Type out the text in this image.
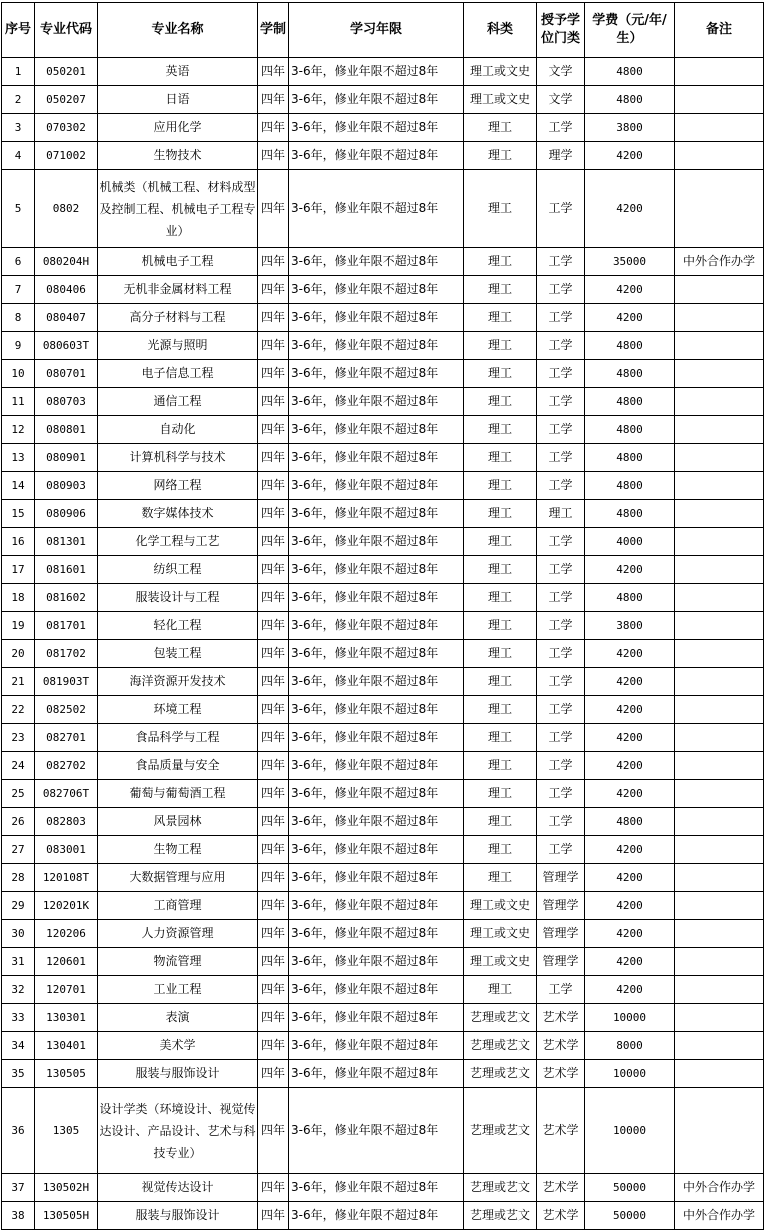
序号	专业代码	专业名称	学制	学习年限	科类	授予学位门类	学费（元/年/生）	备注
1	050201	英语	四年	3-6年，修业年限不超过8年	理工或文史	文学	4800	
2	050207	日语	四年	3-6年，修业年限不超过8年	理工或文史	文学	4800	
3	070302	应用化学	四年	3-6年，修业年限不超过8年	理工	工学	3800	
4	071002	生物技术	四年	3-6年，修业年限不超过8年	理工	理学	4200	
5	0802	机械类（机械工程、材料成型及控制工程、机械电子工程专业）	四年	3-6年，修业年限不超过8年	理工	工学	4200	
6	080204H	机械电子工程	四年	3-6年，修业年限不超过8年	理工	工学	35000	中外合作办学
7	080406	无机非金属材料工程	四年	3-6年，修业年限不超过8年	理工	工学	4200	
8	080407	高分子材料与工程	四年	3-6年，修业年限不超过8年	理工	工学	4200	
9	080603T	光源与照明	四年	3-6年，修业年限不超过8年	理工	工学	4800	
10	080701	电子信息工程	四年	3-6年，修业年限不超过8年	理工	工学	4800	
11	080703	通信工程	四年	3-6年，修业年限不超过8年	理工	工学	4800	
12	080801	自动化	四年	3-6年，修业年限不超过8年	理工	工学	4800	
13	080901	计算机科学与技术	四年	3-6年，修业年限不超过8年	理工	工学	4800	
14	080903	网络工程	四年	3-6年，修业年限不超过8年	理工	工学	4800	
15	080906	数字媒体技术	四年	3-6年，修业年限不超过8年	理工	理工	4800	
16	081301	化学工程与工艺	四年	3-6年，修业年限不超过8年	理工	工学	4000	
17	081601	纺织工程	四年	3-6年，修业年限不超过8年	理工	工学	4200	
18	081602	服装设计与工程	四年	3-6年，修业年限不超过8年	理工	工学	4800	
19	081701	轻化工程	四年	3-6年，修业年限不超过8年	理工	工学	3800	
20	081702	包装工程	四年	3-6年，修业年限不超过8年	理工	工学	4200	
21	081903T	海洋资源开发技术	四年	3-6年，修业年限不超过8年	理工	工学	4200	
22	082502	环境工程	四年	3-6年，修业年限不超过8年	理工	工学	4200	
23	082701	食品科学与工程	四年	3-6年，修业年限不超过8年	理工	工学	4200	
24	082702	食品质量与安全	四年	3-6年，修业年限不超过8年	理工	工学	4200	
25	082706T	葡萄与葡萄酒工程	四年	3-6年，修业年限不超过8年	理工	工学	4200	
26	082803	风景园林	四年	3-6年，修业年限不超过8年	理工	工学	4800	
27	083001	生物工程	四年	3-6年，修业年限不超过8年	理工	工学	4200	
28	120108T	大数据管理与应用	四年	3-6年，修业年限不超过8年	理工	管理学	4200	
29	120201K	工商管理	四年	3-6年，修业年限不超过8年	理工或文史	管理学	4200	
30	120206	人力资源管理	四年	3-6年，修业年限不超过8年	理工或文史	管理学	4200	
31	120601	物流管理	四年	3-6年，修业年限不超过8年	理工或文史	管理学	4200	
32	120701	工业工程	四年	3-6年，修业年限不超过8年	理工	工学	4200	
33	130301	表演	四年	3-6年，修业年限不超过8年	艺理或艺文	艺术学	10000	
34	130401	美术学	四年	3-6年，修业年限不超过8年	艺理或艺文	艺术学	8000	
35	130505	服装与服饰设计	四年	3-6年，修业年限不超过8年	艺理或艺文	艺术学	10000	
36	1305	设计学类（环境设计、视觉传达设计、产品设计、艺术与科技专业）	四年	3-6年，修业年限不超过8年	艺理或艺文	艺术学	10000	
37	130502H	视觉传达设计	四年	3-6年，修业年限不超过8年	艺理或艺文	艺术学	50000	中外合作办学
38	130505H	服装与服饰设计	四年	3-6年，修业年限不超过8年	艺理或艺文	艺术学	50000	中外合作办学
